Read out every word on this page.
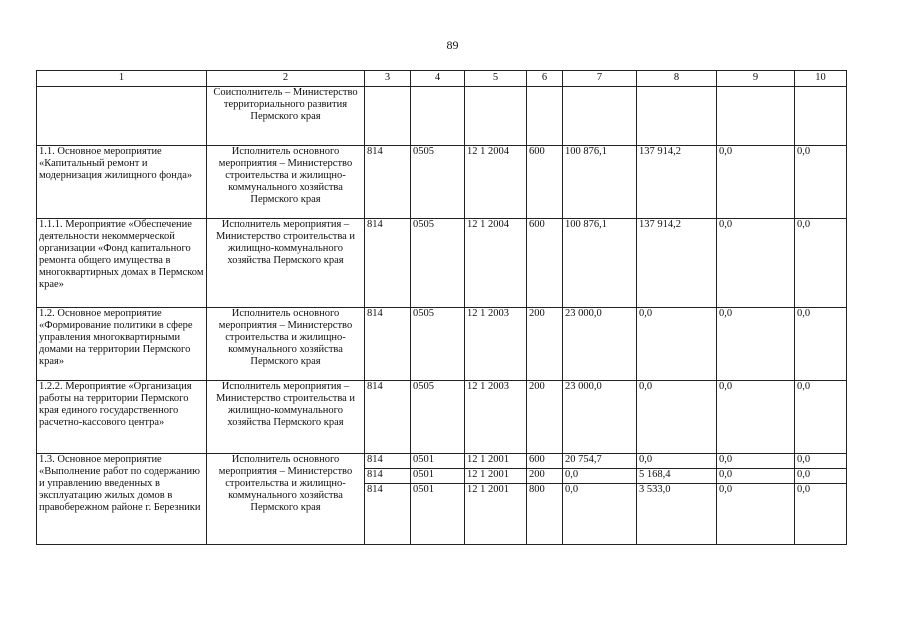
89
1	2	3	4	5	6	7	8	9	10
	Соисполнитель – Министерство территориального развития Пермского края								
1.1. Основное мероприятие «Капитальный ремонт и модернизация жилищного фонда»	Исполнитель основного мероприятия – Министерство строительства и жилищно-коммунального хозяйства Пермского края	814	0505	12 1 2004	600	100 876,1	137 914,2	0,0	0,0
1.1.1. Мероприятие «Обеспечение деятельности некоммерческой организации «Фонд капитального ремонта общего имущества в многоквартирных домах в Пермском крае»	Исполнитель мероприятия – Министерство строительства и жилищно-коммунального хозяйства Пермского края	814	0505	12 1 2004	600	100 876,1	137 914,2	0,0	0,0
1.2. Основное мероприятие «Формирование политики в сфере управления многоквартирными домами на территории Пермского края»	Исполнитель основного мероприятия – Министерство строительства и жилищно-коммунального хозяйства Пермского края	814	0505	12 1 2003	200	23 000,0	0,0	0,0	0,0
1.2.2. Мероприятие «Организация работы на территории Пермского края единого государственного расчетно-кассового центра»	Исполнитель мероприятия – Министерство строительства и жилищно-коммунального хозяйства Пермского края	814	0505	12 1 2003	200	23 000,0	0,0	0,0	0,0
1.3. Основное мероприятие «Выполнение работ по содержанию и управлению введенных в эксплуатацию жилых домов в правобережном районе г. Березники	Исполнитель основного мероприятия – Министерство строительства и жилищно-коммунального хозяйства Пермского края	814	0501	12 1 2001	600	20 754,7	0,0	0,0	0,0
		814	0501	12 1 2001	200	0,0	5 168,4	0,0	0,0
		814	0501	12 1 2001	800	0,0	3 533,0	0,0	0,0
